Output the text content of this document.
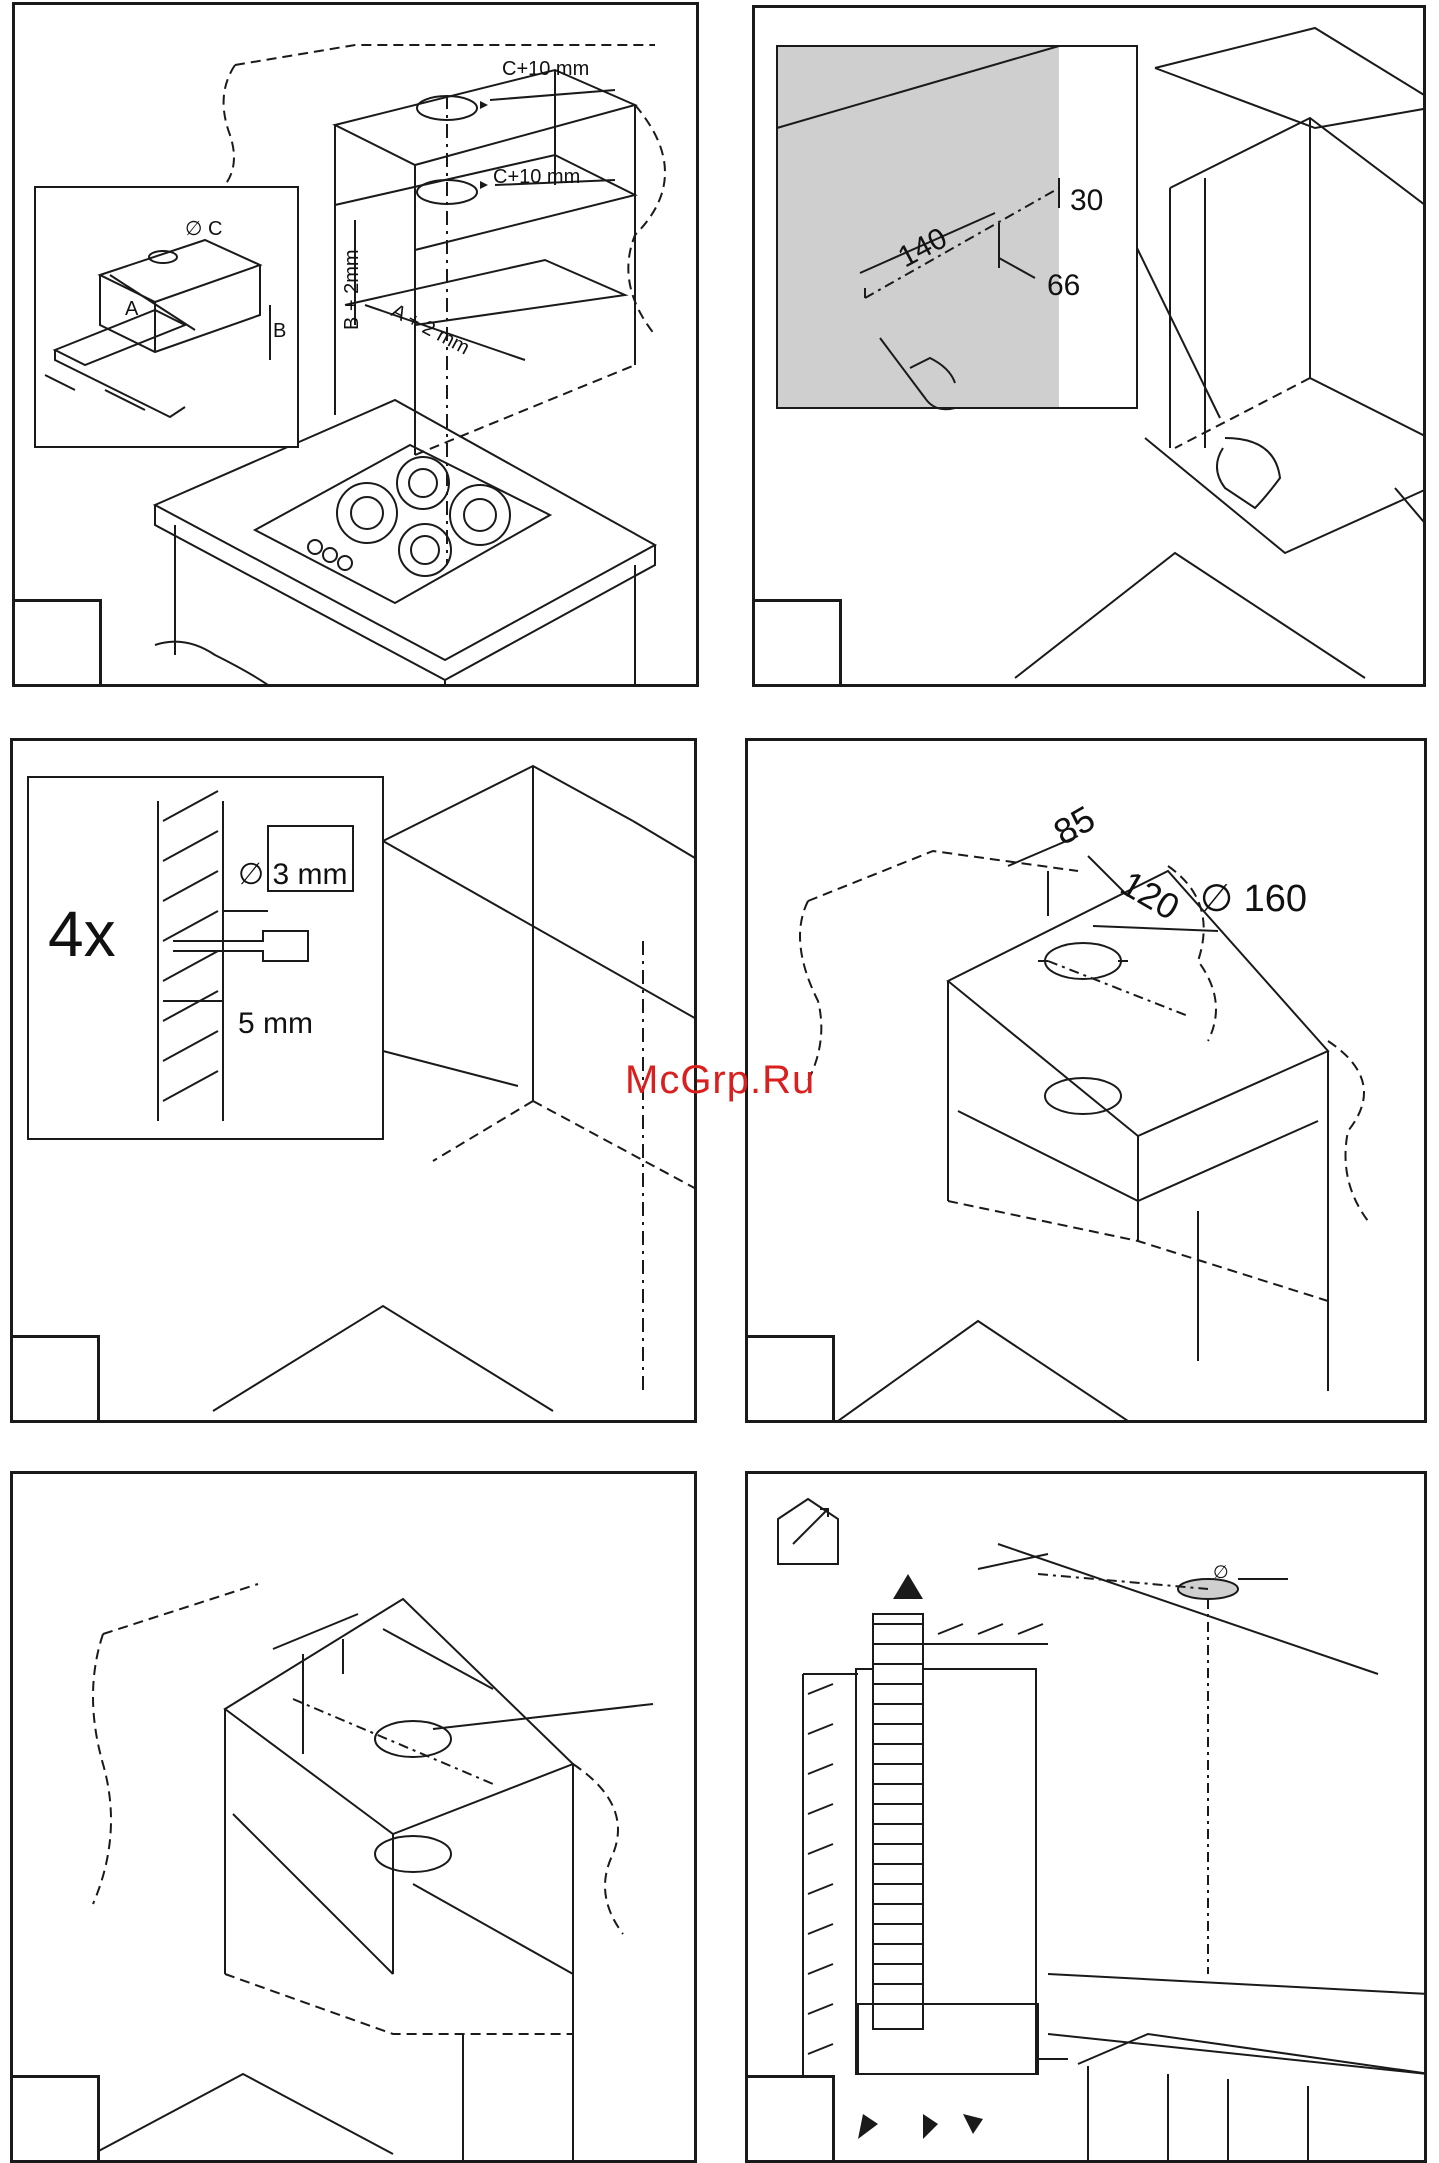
C+10 mm
C+10 mm
B + 2mm A + 2 mm
∅ C
A
B
140
30
66
4x
∅ 3 mm
5 mm
85
120 ∅ 160
∅
McGrp.Ru
